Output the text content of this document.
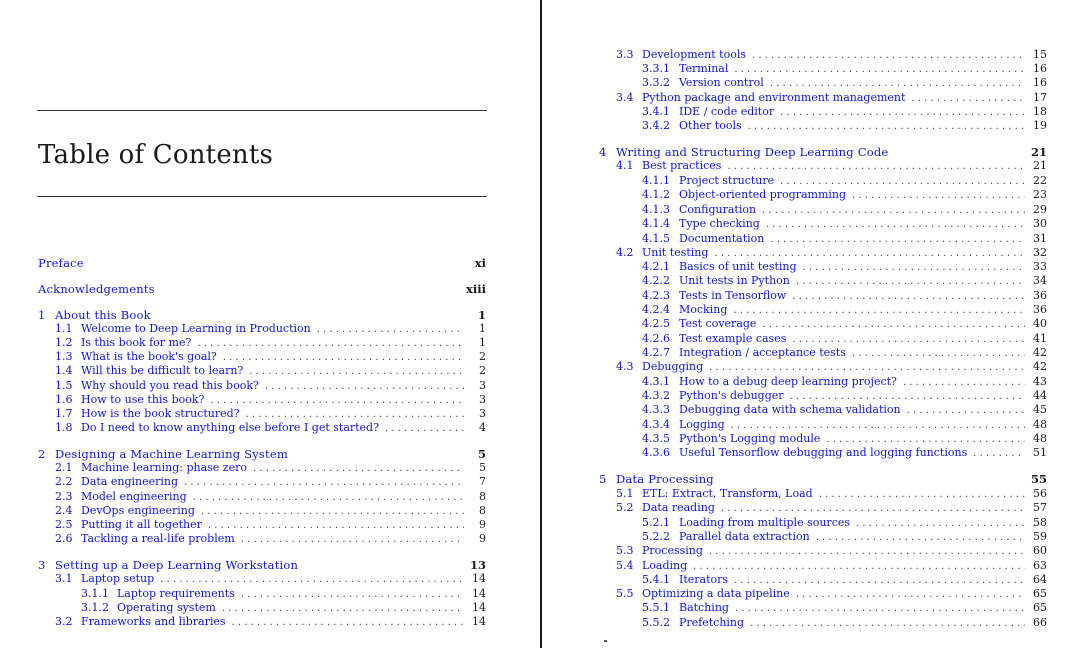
Table of Contents
Preface	xi
Acknowledgements	xiii
1 About this Book	1
1.1 Welcome to Deep Learning in Production . . .	1
1.2 Is this book for me? . . .	1
1.3 What is the book's goal? . . .	2
1.4 Will this be difficult to learn? . . .	2
1.5 Why should you read this book? . . .	3
1.6 How to use this book? . . .	3
1.7 How is the book structured? . . .	3
1.8 Do I need to know anything else before I get started? . . .	4
2 Designing a Machine Learning System	5
2.1 Machine learning: phase zero . . .	5
2.2 Data engineering . . .	7
2.3 Model engineering . . .	8
2.4 DevOps engineering . . .	8
2.5 Putting it all together . . .	9
2.6 Tackling a real-life problem . . .	9
3 Setting up a Deep Learning Workstation	13
3.1 Laptop setup . . .	14
3.1.1 Laptop requirements . . .	14
3.1.2 Operating system . . .	14
3.2 Frameworks and libraries . . .	14
3.3 Development tools . . .	15
3.3.1 Terminal . . .	16
3.3.2 Version control . . .	16
3.4 Python package and environment management . . .	17
3.4.1 IDE / code editor . . .	18
3.4.2 Other tools . . .	19
4 Writing and Structuring Deep Learning Code	21
4.1 Best practices . . .	21
4.1.1 Project structure . . .	22
4.1.2 Object-oriented programming . . .	23
4.1.3 Configuration . . .	29
4.1.4 Type checking . . .	30
4.1.5 Documentation . . .	31
4.2 Unit testing . . .	32
4.2.1 Basics of unit testing . . .	33
4.2.2 Unit tests in Python . . .	34
4.2.3 Tests in Tensorflow . . .	36
4.2.4 Mocking . . .	36
4.2.5 Test coverage . . .	40
4.2.6 Test example cases . . .	41
4.2.7 Integration / acceptance tests . . .	42
4.3 Debugging . . .	42
4.3.1 How to a debug deep learning project? . . .	43
4.3.2 Python's debugger . . .	44
4.3.3 Debugging data with schema validation . . .	45
4.3.4 Logging . . .	48
4.3.5 Python's Logging module . . .	48
4.3.6 Useful Tensorflow debugging and logging functions . . .	51
5 Data Processing	55
5.1 ETL: Extract, Transform, Load . . .	56
5.2 Data reading . . .	57
5.2.1 Loading from multiple sources . . .	58
5.2.2 Parallel data extraction . . .	59
5.3 Processing . . .	60
5.4 Loading . . .	63
5.4.1 Iterators . . .	64
5.5 Optimizing a data pipeline . . .	65
5.5.1 Batching . . .	65
5.5.2 Prefetching . . .	66
